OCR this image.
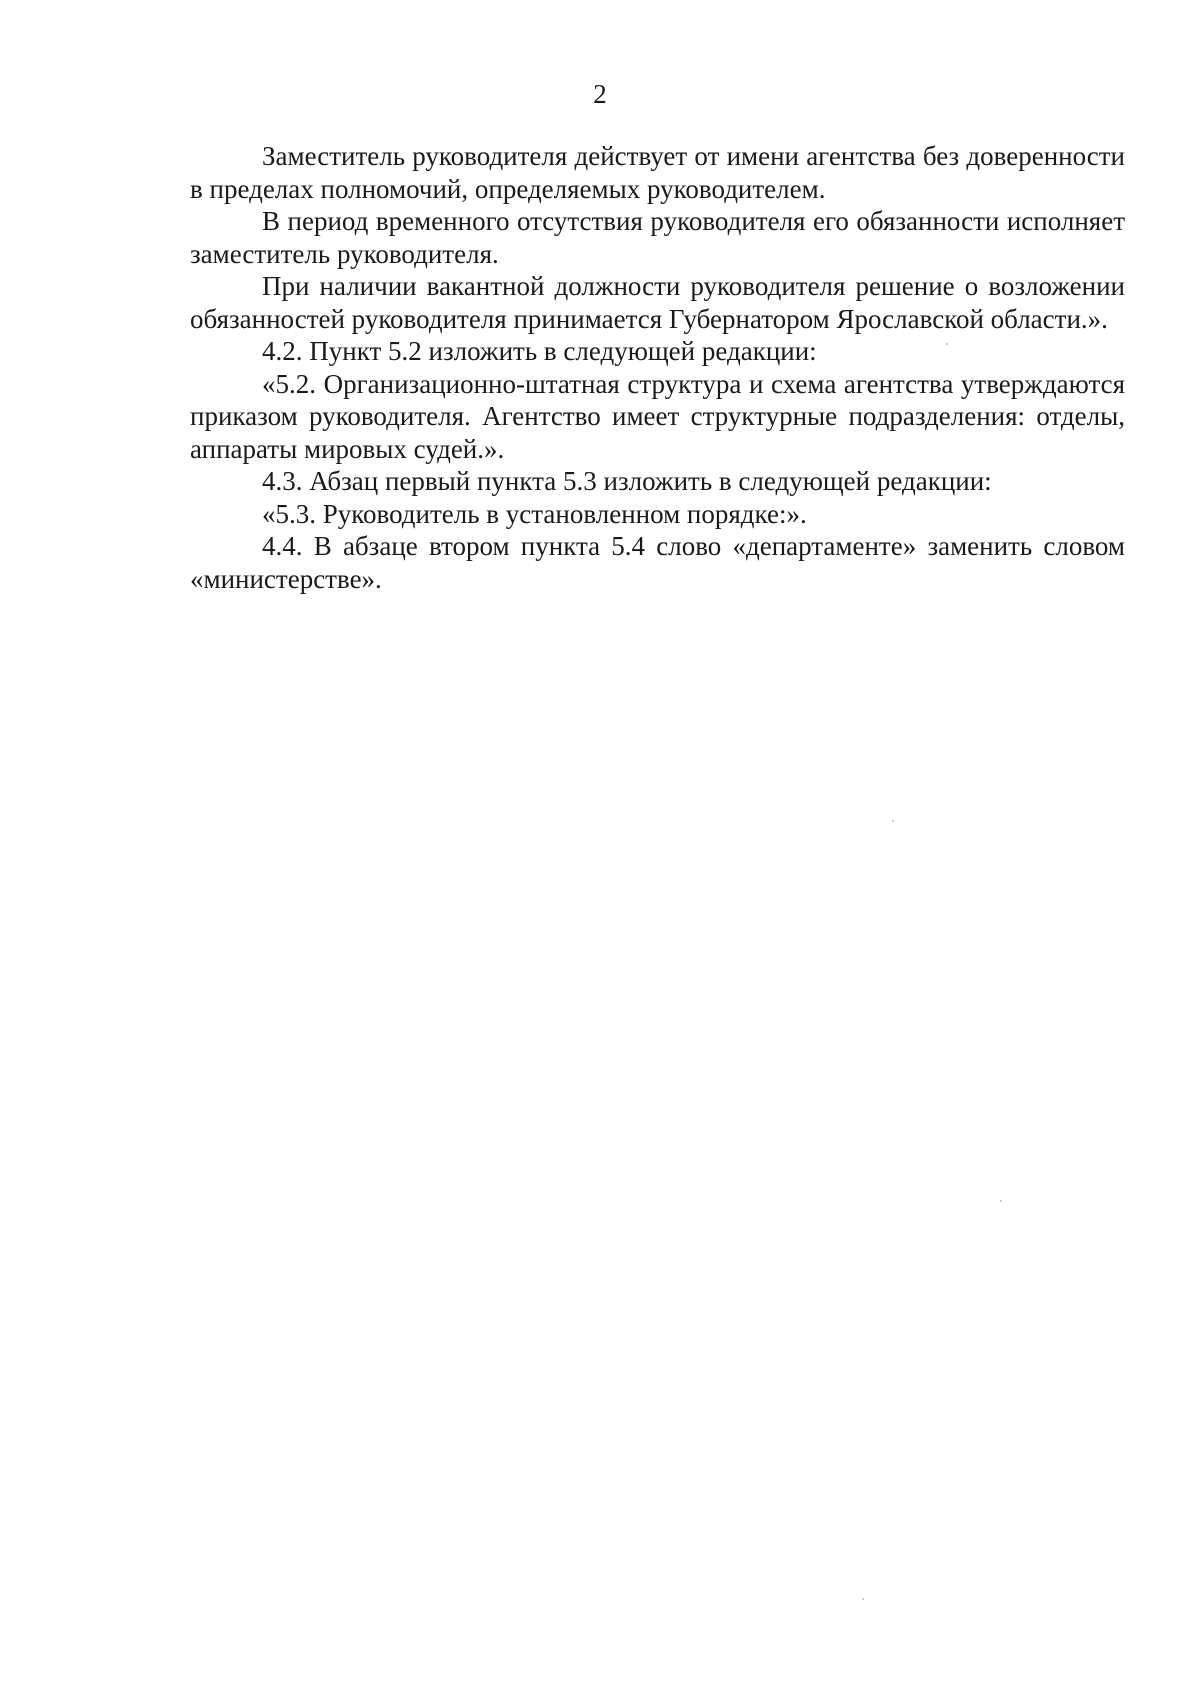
2

Заместитель руководителя действует от имени агентства без доверенности в пределах полномочий, определяемых руководителем.

В период временного отсутствия руководителя его обязанности исполняет заместитель руководителя.

При наличии вакантной должности руководителя решение о возложении обязанностей руководителя принимается Губернатором Ярославской области.».

4.2. Пункт 5.2 изложить в следующей редакции:

«5.2. Организационно-штатная структура и схема агентства утверждаются приказом руководителя. Агентство имеет структурные подразделения: отделы, аппараты мировых судей.».

4.3. Абзац первый пункта 5.3 изложить в следующей редакции:

«5.3. Руководитель в установленном порядке:».

4.4. В абзаце втором пункта 5.4 слово «департаменте» заменить словом «министерстве».
